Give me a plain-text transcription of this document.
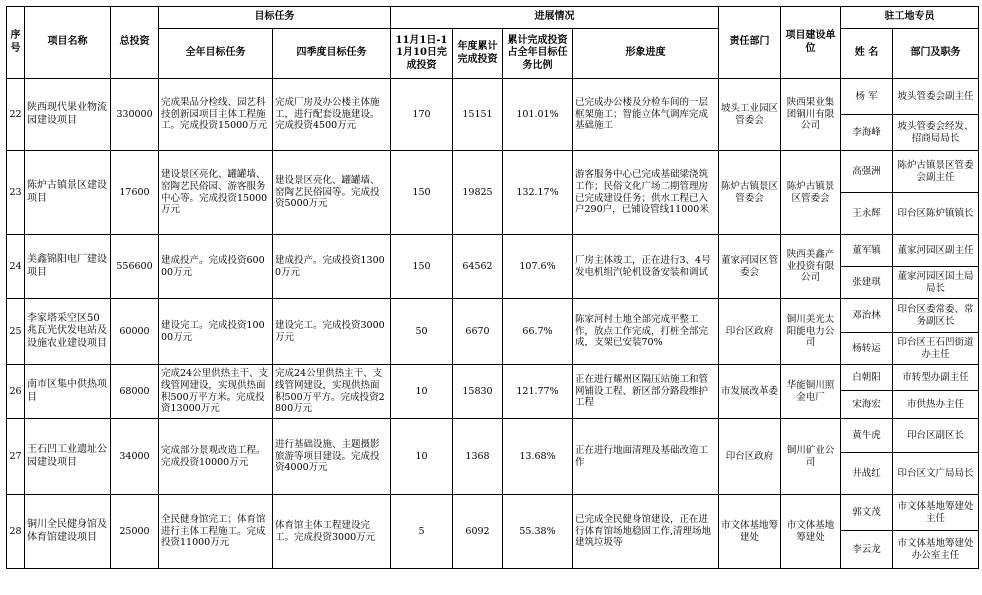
序号	项目名称	总投资	目标任务		进展情况				责任部门	项目建设单位	驻工地专员	
			全年目标任务	四季度目标任务	11月1日-11月10日完成投资	年度累计完成投资	累计完成投资占全年目标任务比例	形象进度			姓 名	部门及职务
22	陕西现代果业物流园建设项目	330000	完成果品分检线、园艺科技创新园项目主体工程施工。完成投资15000万元	完成厂房及办公楼主体施工，进行配套设施建设。完成投资4500万元	170	15151	101.01%	已完成办公楼及分检车间的一层框架施工；智能立体气调库完成基础施工	坡头工业园区管委会	陕西果业集团铜川有限公司	杨 军	坡头管委会副主任
											李海峰	坡头管委会经发、招商局局长
23	陈炉古镇景区建设项目	17600	建设景区亮化、罐罐墙、窑陶艺民俗园、游客服务中心等。完成投资15000万元	建设景区亮化、罐罐墙、窑陶艺民俗园等。完成投资5000万元	150	19825	132.17%	游客服务中心已完成基础梁浇筑工作；民俗文化广场二期管理房已完成建设任务；供水工程已入户290户，已铺设管线11000米	陈炉古镇景区管委会	陈炉古镇景区管委会	高强洲	陈炉古镇景区管委会副主任
											王永辉	印台区陈炉镇镇长
24	美鑫锦阳电厂建设项目	556600	建成投产。完成投资60000万元	建成投产。完成投资13000万元	150	64562	107.6%	厂房主体竣工，正在进行3、4号发电机组汽轮机设备安装和调试	董家河园区管委会	陕西美鑫产业投资有限公司	董军镇	董家河园区副主任
											张建琪	董家河园区国土局局长
25	李家塔采空区50兆瓦光伏发电站及设施农业建设项目	60000	建设完工。完成投资10000万元	建设完工。完成投资3000万元	50	6670	66.7%	陈家河村土地全部完成平整工作，放点工作完成，打桩全部完成，支架已安装70%	印台区政府	铜川美光太阳能电力公司	邓治林	印台区委常委、常务副区长
											杨转运	印台区王石凹街道办主任
26	南市区集中供热项目	68000	完成24公里供热主干、支线管网建设，实现供热面积500万平方米。完成投资13000万元	完成24公里供热主干、支线管网建设，实现供热面积500万平方。完成投资2800万元	10	15830	121.77%	正在进行耀州区隔压站施工和管网铺设工程、新区部分路段维护工程	市发展改革委	华能铜川照金电厂	白朝阳	市转型办副主任
											宋海宏	市供热办主任
27	王石凹工业遗址公园建设项目	34000	完成部分景观改造工程。完成投资10000万元	进行基础设施、主题摄影旅游等项目建设。完成投资4000万元	10	1368	13.68%	正在进行地面清理及基础改造工作	印台区政府	铜川矿业公司	黄牛虎	印台区副区长
											井战红	印台区文广局局长
28	铜川全民健身馆及体育馆建设项目	25000	全民健身馆完工；体育馆进行主体工程施工。完成投资11000万元	体育馆主体工程建设完工。完成投资3000万元	5	6092	55.38%	已完成全民健身馆建设，正在进行体育馆场地稳固工作,清理场地建筑垃圾等	市文体基地筹建处	市文体基地筹建处	郭文茂	市文体基地筹建处主任
											李云龙	市文体基地筹建处办公室主任
